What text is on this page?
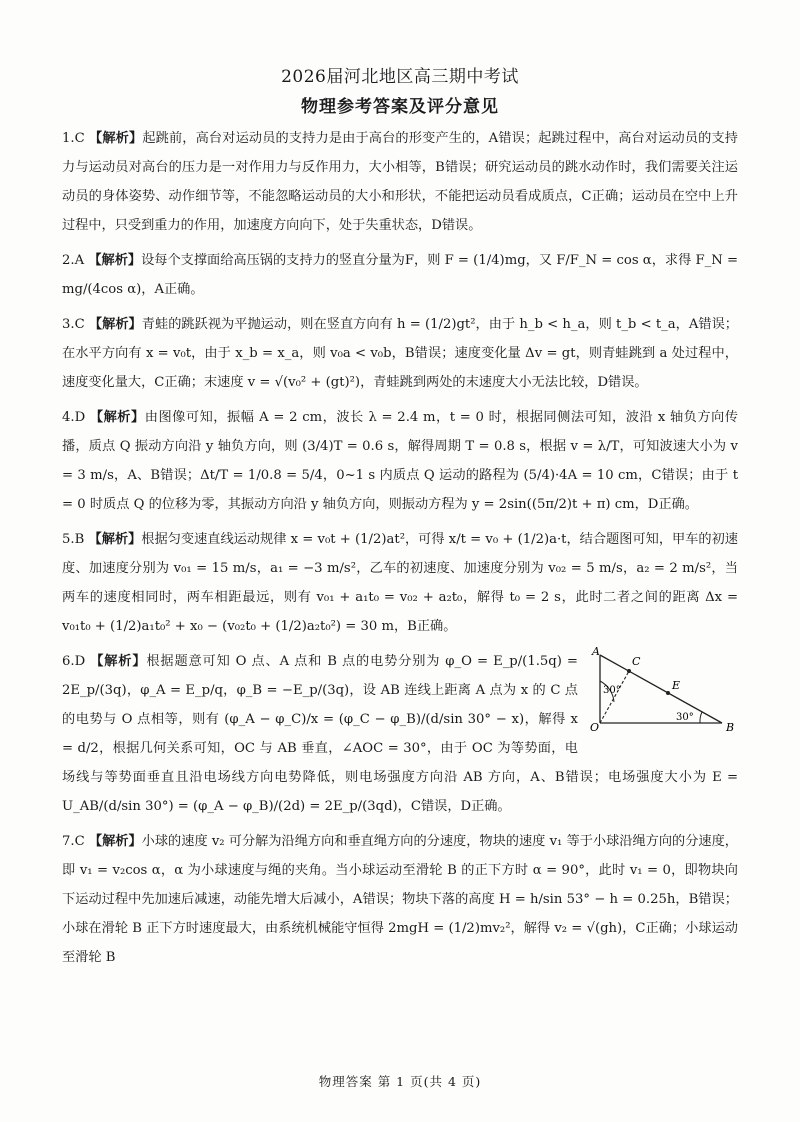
2026届河北地区高三期中考试
物理参考答案及评分意见

1.C 【解析】起跳前，高台对运动员的支持力是由于高台的形变产生的，A错误；起跳过程中，高台对运动员的支持力与运动员对高台的压力是一对作用力与反作用力，大小相等，B错误；研究运动员的跳水动作时，我们需要关注运动员的身体姿势、动作细节等，不能忽略运动员的大小和形状，不能把运动员看成质点，C正确；运动员在空中上升过程中，只受到重力的作用，加速度方向向下，处于失重状态，D错误。

2.A 【解析】设每个支撑面给高压锅的支持力的竖直分量为F，则 F = (1/4)mg，又 F/F_N = cos α，求得 F_N = mg/(4cos α)，A正确。

3.C 【解析】青蛙的跳跃视为平抛运动，则在竖直方向有 h = (1/2)gt²，由于 h_b < h_a，则 t_b < t_a，A错误；在水平方向有 x = v₀t，由于 x_b = x_a，则 v₀a < v₀b，B错误；速度变化量 Δv = gt，则青蛙跳到 a 处过程中，速度变化量大，C正确；末速度 v = √(v₀² + (gt)²)，青蛙跳到两处的末速度大小无法比较，D错误。

4.D 【解析】由图像可知，振幅 A = 2 cm，波长 λ = 2.4 m，t = 0 时，根据同侧法可知，波沿 x 轴负方向传播，质点 Q 振动方向沿 y 轴负方向，则 (3/4)T = 0.6 s，解得周期 T = 0.8 s，根据 v = λ/T，可知波速大小为 v = 3 m/s，A、B错误；Δt/T = 1/0.8 = 5/4，0~1 s 内质点 Q 运动的路程为 (5/4)·4A = 10 cm，C错误；由于 t = 0 时质点 Q 的位移为零，其振动方向沿 y 轴负方向，则振动方程为 y = 2sin((5π/2)t + π) cm，D正确。

5.B 【解析】根据匀变速直线运动规律 x = v₀t + (1/2)at²，可得 x/t = v₀ + (1/2)a·t，结合题图可知，甲车的初速度、加速度分别为 v₀₁ = 15 m/s，a₁ = −3 m/s²，乙车的初速度、加速度分别为 v₀₂ = 5 m/s，a₂ = 2 m/s²，当两车的速度相同时，两车相距最远，则有 v₀₁ + a₁t₀ = v₀₂ + a₂t₀，解得 t₀ = 2 s，此时二者之间的距离 Δx = v₀₁t₀ + (1/2)a₁t₀² + x₀ − (v₀₂t₀ + (1/2)a₂t₀²) = 30 m，B正确。

A
C
E
O	B
30°
30°
6.D 【解析】根据题意可知 O 点、A 点和 B 点的电势分别为 φ_O = E_p/(1.5q) = 2E_p/(3q)，φ_A = E_p/q，φ_B = −E_p/(3q)，设 AB 连线上距离 A 点为 x 的 C 点的电势与 O 点相等，则有 (φ_A − φ_C)/x = (φ_C − φ_B)/(d/sin 30° − x)，解得 x = d/2，根据几何关系可知，OC 与 AB 垂直，∠AOC = 30°，由于 OC 为等势面，电场线与等势面垂直且沿电场线方向电势降低，则电场强度方向沿 AB 方向，A、B错误；电场强度大小为 E = U_AB/(d/sin 30°) = (φ_A − φ_B)/(2d) = 2E_p/(3qd)，C错误，D正确。

7.C 【解析】小球的速度 v₂ 可分解为沿绳方向和垂直绳方向的分速度，物块的速度 v₁ 等于小球沿绳方向的分速度，即 v₁ = v₂cos α，α 为小球速度与绳的夹角。当小球运动至滑轮 B 的正下方时 α = 90°，此时 v₁ = 0，即物块向下运动过程中先加速后减速，动能先增大后减小，A错误；物块下落的高度 H = h/sin 53° − h = 0.25h，B错误；小球在滑轮 B 正下方时速度最大，由系统机械能守恒得 2mgH = (1/2)mv₂²，解得 v₂ = √(gh)，C正确；小球运动至滑轮 B

物理答案 第 1 页(共 4 页)
